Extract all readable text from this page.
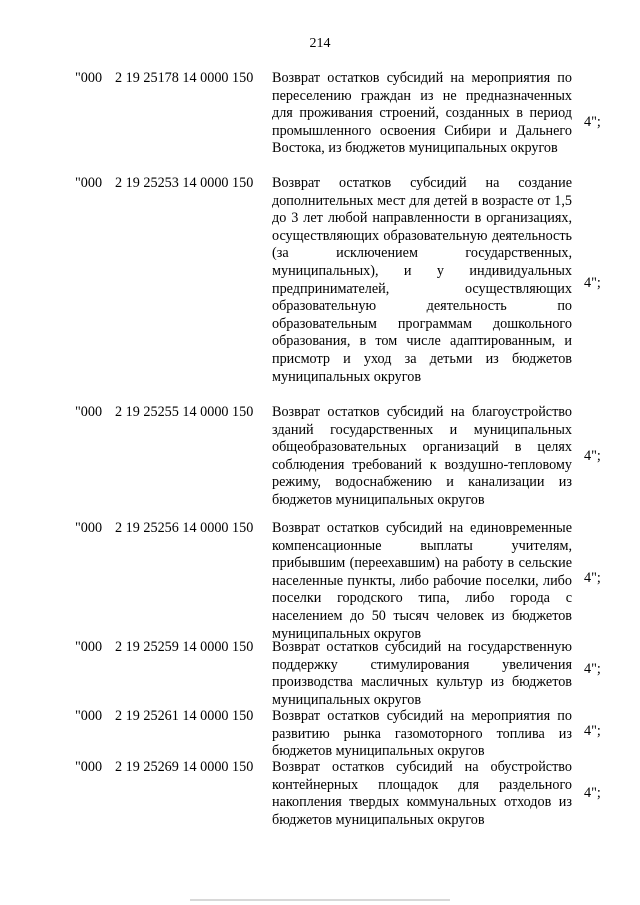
214
"000 2 19 25178 14 0000 150 Возврат остатков субсидий на мероприятия по переселению граждан из не предназначенных для проживания строений, созданных в период промышленного освоения Сибири и Дальнего Востока, из бюджетов муниципальных округов
4";
"000 2 19 25253 14 0000 150 Возврат остатков субсидий на создание дополнительных мест для детей в возрасте от 1,5 до 3 лет любой направленности в организациях, осуществляющих образовательную деятельность (за исключением государственных, муниципальных), и у индивидуальных предпринимателей, осуществляющих образовательную деятельность по образовательным программам дошкольного образования, в том числе адаптированным, и присмотр и уход за детьми из бюджетов муниципальных округов
4";
"000 2 19 25255 14 0000 150 Возврат остатков субсидий на благоустройство зданий государственных и муниципальных общеобразовательных организаций в целях соблюдения требований к воздушно-тепловому режиму, водоснабжению и канализации из бюджетов муниципальных округов
4";
"000 2 19 25256 14 0000 150 Возврат остатков субсидий на единовременные компенсационные выплаты учителям, прибывшим (переехавшим) на работу в сельские населенные пункты, либо рабочие поселки, либо поселки городского типа, либо города с населением до 50 тысяч человек из бюджетов муниципальных округов
4";
"000 2 19 25259 14 0000 150 Возврат остатков субсидий на государственную поддержку стимулирования увеличения производства масличных культур из бюджетов муниципальных округов
4";
"000 2 19 25261 14 0000 150 Возврат остатков субсидий на мероприятия по развитию рынка газомоторного топлива из бюджетов муниципальных округов
4";
"000 2 19 25269 14 0000 150 Возврат остатков субсидий на обустройство контейнерных площадок для раздельного накопления твердых коммунальных отходов из бюджетов муниципальных округов
4";
